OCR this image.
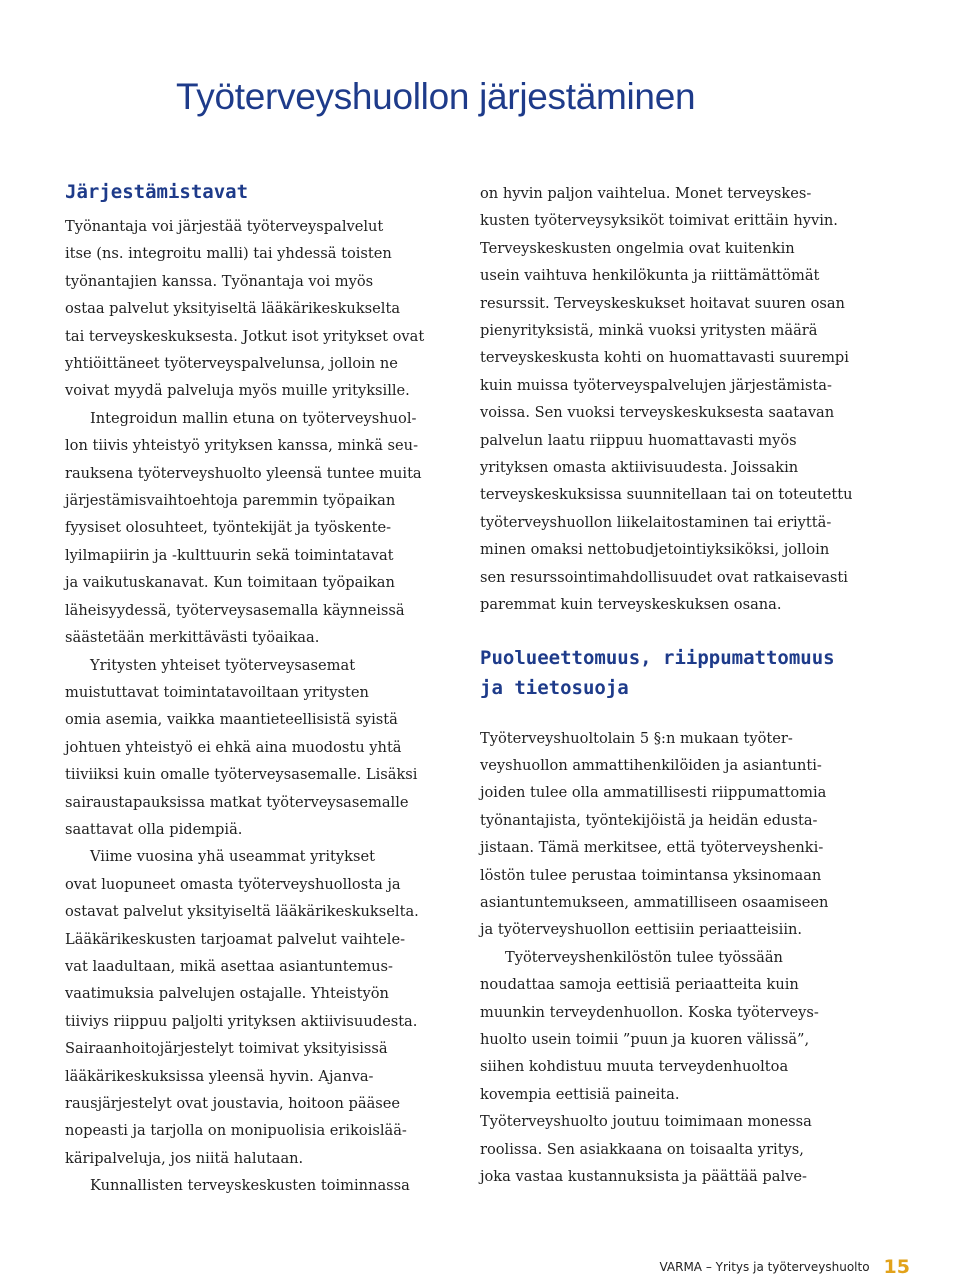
Työterveyshuollon järjestäminen
Järjestämistavat

Työnantaja voi järjestää työterveyspalvelut
itse (ns. integroitu malli) tai yhdessä toisten
työnantajien kanssa. Työnantaja voi myös
ostaa palvelut yksityiseltä lääkärikeskukselta
tai terveyskeskuksesta. Jotkut isot yritykset ovat
yhtiöittäneet työterveyspalvelunsa, jolloin ne
voivat myydä palveluja myös muille yrityksille.

Integroidun mallin etuna on työterveyshuol-
lon tiivis yhteistyö yrityksen kanssa, minkä seu-
rauksena työterveyshuolto yleensä tuntee muita
järjestämisvaihtoehtoja paremmin työpaikan
fyysiset olosuhteet, työntekijät ja työskente-
lyilmapiirin ja -kulttuurin sekä toimintatavat
ja vaikutuskanavat. Kun toimitaan työpaikan
läheisyydessä, työterveysasemalla käynneissä
säästetään merkittävästi työaikaa.

Yritysten yhteiset työterveysasemat
muistuttavat toimintatavoiltaan yritysten
omia asemia, vaikka maantieteellisistä syistä
johtuen yhteistyö ei ehkä aina muodostu yhtä
tiiviiksi kuin omalle työterveysasemalle. Lisäksi
sairaustapauksissa matkat työterveysasemalle
saattavat olla pidempiä.

Viime vuosina yhä useammat yritykset
ovat luopuneet omasta työterveyshuollosta ja
ostavat palvelut yksityiseltä lääkärikeskukselta.
Lääkärikeskusten tarjoamat palvelut vaihtele-
vat laadultaan, mikä asettaa asiantuntemus-
vaatimuksia palvelujen ostajalle. Yhteistyön
tiiviys riippuu paljolti yrityksen aktiivisuudesta.
Sairaanhoitojärjestelyt toimivat yksityisissä
lääkärikeskuksissa yleensä hyvin. Ajanva-
rausjärjestelyt ovat joustavia, hoitoon pääsee
nopeasti ja tarjolla on monipuolisia erikoislää-
käripalveluja, jos niitä halutaan.

Kunnallisten terveyskeskusten toiminnassa

on hyvin paljon vaihtelua. Monet terveyskes-
kusten työterveysyksiköt toimivat erittäin hyvin.
Terveyskeskusten ongelmia ovat kuitenkin
usein vaihtuva henkilökunta ja riittämättömät
resurssit. Terveyskeskukset hoitavat suuren osan
pienyrityksistä, minkä vuoksi yritysten määrä
terveyskeskusta kohti on huomattavasti suurempi
kuin muissa työterveyspalvelujen järjestämista-
voissa. Sen vuoksi terveyskeskuksesta saatavan
palvelun laatu riippuu huomattavasti myös
yrityksen omasta aktiivisuudesta. Joissakin
terveyskeskuksissa suunnitellaan tai on toteutettu
työterveyshuollon liikelaitostaminen tai eriyttä-
minen omaksi nettobudjetointiyksiköksi, jolloin
sen resurssointimahdollisuudet ovat ratkaisevasti
paremmat kuin terveyskeskuksen osana.

Puolueettomuus, riippumattomuus
ja tietosuoja

Työterveyshuoltolain 5 §:n mukaan työter-
veyshuollon ammattihenkilöiden ja asiantunti-
joiden tulee olla ammatillisesti riippumattomia
työnantajista, työntekijöistä ja heidän edusta-
jistaan. Tämä merkitsee, että työterveyshenki-
löstön tulee perustaa toimintansa yksinomaan
asiantuntemukseen, ammatilliseen osaamiseen
ja työterveyshuollon eettisiin periaatteisiin.

Työterveyshenkilöstön tulee työssään
noudattaa samoja eettisiä periaatteita kuin
muunkin terveydenhuollon. Koska työterveys-
huolto usein toimii ”puun ja kuoren välissä”,
siihen kohdistuu muuta terveydenhuoltoa
kovempia eettisiä paineita.

Työterveyshuolto joutuu toimimaan monessa
roolissa. Sen asiakkaana on toisaalta yritys,
joka vastaa kustannuksista ja päättää palve-

VARMA – Yritys ja työterveyshuolto 15
